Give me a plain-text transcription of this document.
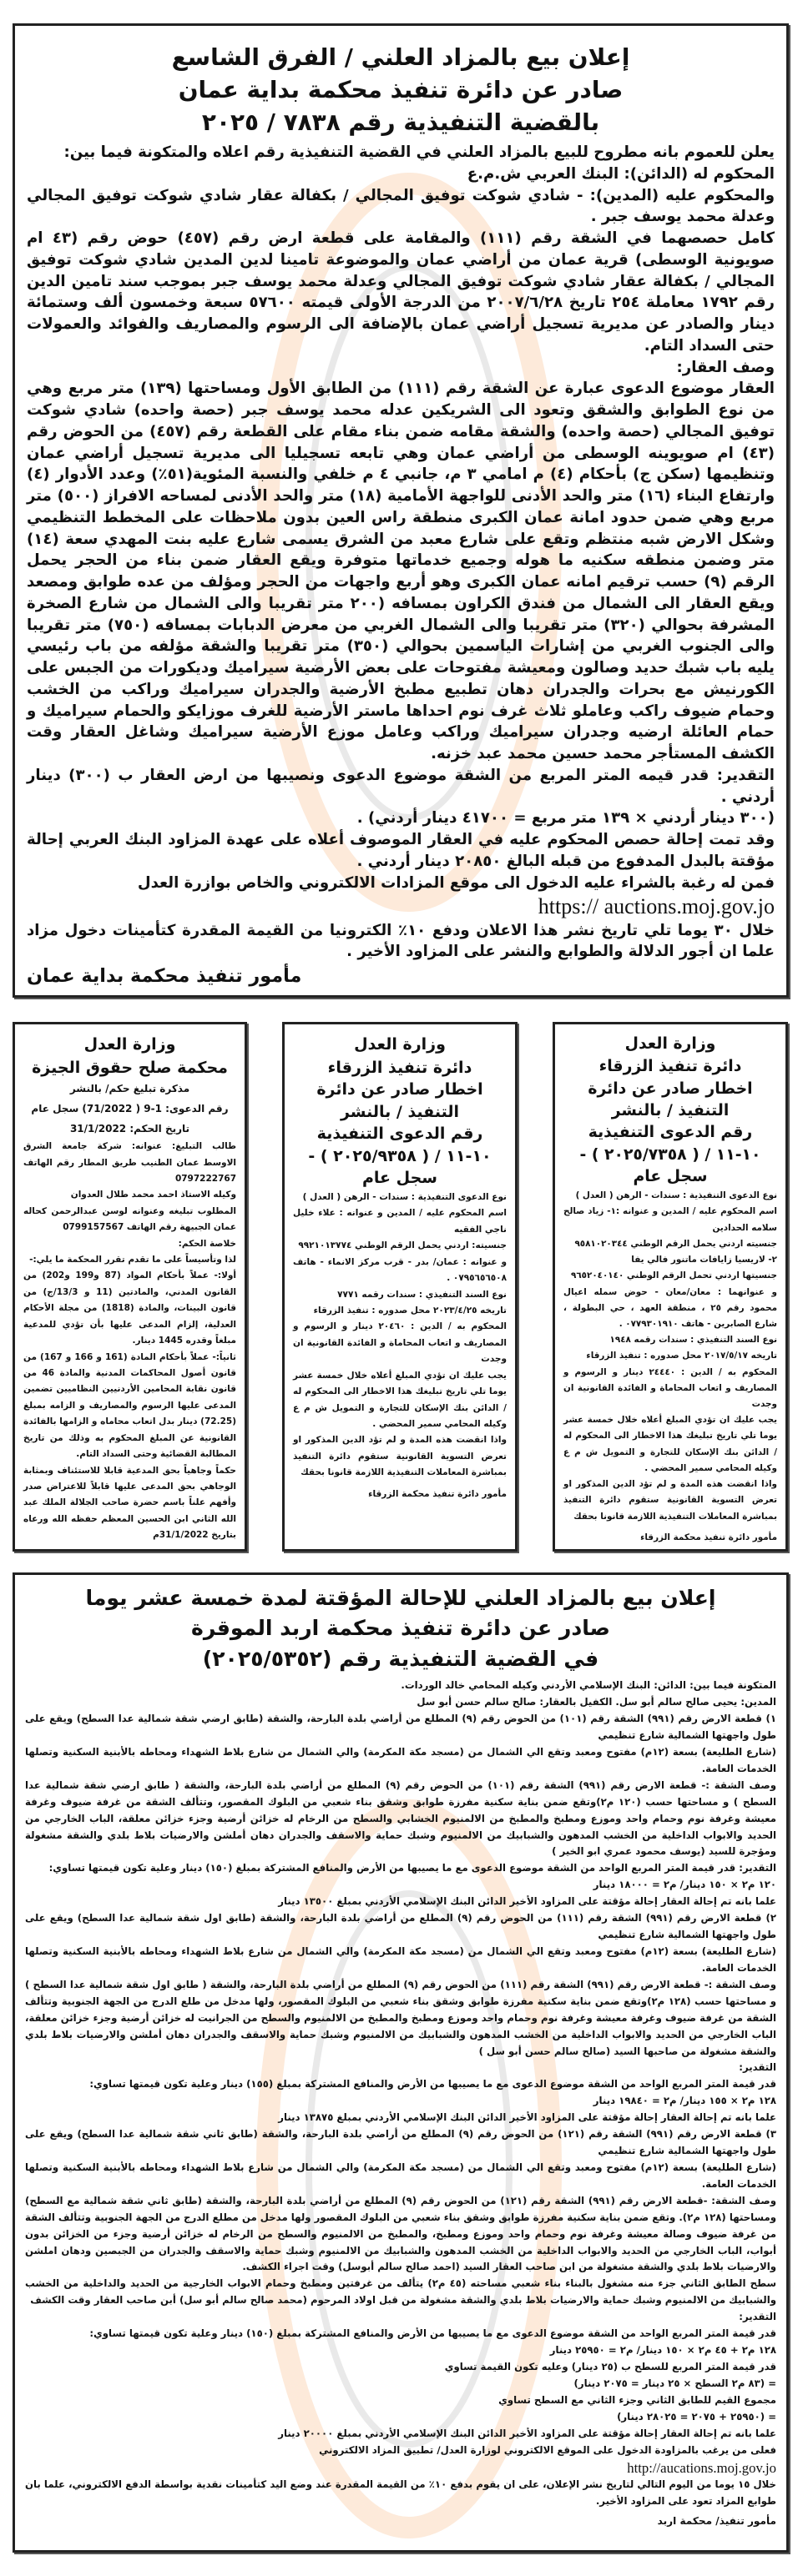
إعلان بيع بالمزاد العلني / الفرق الشاسع
صادر عن دائرة تنفيذ محكمة بداية عمان
بالقضية التنفيذية رقم ٧٨٣٨ / ٢٠٢٥

يعلن للعموم بانه مطروح للبيع بالمزاد العلني في القضية التنفيذية رقم اعلاه والمتكونة فيما بين:

المحكوم له (الدائن): البنك العربي ش.م.ع

والمحكوم عليه (المدين): - شادي شوكت توفيق المجالي / بكفالة عقار شادي شوكت توفيق المجالي وعدلة محمد يوسف جبر .

كامل حصصهما في الشقة رقم (١١١) والمقامة على قطعة ارض رقم (٤٥٧) حوض رقم (٤٣ ام صويونية الوسطى) قرية عمان من أراضي عمان والموضوعة تامينا لدين المدين شادي شوكت توفيق المجالي / بكفالة عقار شادي شوكت توفيق المجالي وعدلة محمد يوسف جبر بموجب سند تامين الدين رقم ١٧٩٢ معاملة ٢٥٤ تاريخ ٢٠٠٧/٦/٢٨ من الدرجة الأولى قيمته ٥٧٦٠٠ سبعة وخمسون ألف وستمائة دينار والصادر عن مديرية تسجيل أراضي عمان بالإضافة الى الرسوم والمصاريف والفوائد والعمولات حتى السداد التام.

وصف العقار:

العقار موضوع الدعوى عبارة عن الشقة رقم (١١١) من الطابق الأول ومساحتها (١٣٩) متر مربع وهي من نوع الطوابق والشقق وتعود الى الشريكين عدله محمد يوسف جبر (حصة واحده) شادي شوكت توفيق المجالي (حصة واحده) والشقة مقامه ضمن بناء مقام على القطعة رقم (٤٥٧) من الحوض رقم (٤٣) ام صويوينه الوسطى من أراضي عمان وهي تابعه تسجيليا الى مديرية تسجيل أراضي عمان وتنظيمها (سكن ج) بأحكام (٤) م امامي ٣ م، جانبي ٤ م خلفي والنسبة المئوية(٥١٪) وعدد الأدوار (٤) وارتفاع البناء (١٦) متر والحد الأدنى للواجهة الأمامية (١٨) متر والحد الأدنى لمساحه الافراز (٥٠٠) متر مربع وهي ضمن حدود امانة عمان الكبرى منطقة راس العين بدون ملاحظات على المخطط التنظيمي وشكل الارض شبه منتظم وتقع على شارع معبد من الشرق يسمى شارع عليه بنت المهدي سعة (١٤) متر وضمن منطقه سكنيه ما هوله وجميع خدماتها متوفرة ويقع العقار ضمن بناء من الحجر يحمل الرقم (٩) حسب ترقيم امانه عمان الكبرى وهو أربع واجهات من الحجر ومؤلف من عده طوابق ومصعد ويقع العقار الى الشمال من فندق الكراون بمسافه (٢٠٠ متر تقريبا والى الشمال من شارع الصخرة المشرفة بحوالي (٣٢٠) متر تقريبا والى الشمال الغربي من معرض الدبابات بمسافه (٧٥٠) متر تقريبا والى الجنوب الغربي من إشارات الياسمين بحوالي (٣٥٠) متر تقريبا والشقة مؤلفه من باب رئيسي يليه باب شبك حديد وصالون ومعيشة مفتوحات على بعض الأرضية سيراميك وديكورات من الجبس على الكورنيش مع بحرات والجدران دهان تطبيع مطبخ الأرضية والجدران سيراميك وراكب من الخشب وحمام ضيوف راكب وعاملو ثلاث غرف نوم احداها ماستر الأرضية للغرف موزايكو والحمام سيراميك و حمام العائلة ارضيه وجدران سيراميك وراكب وعامل موزع الأرضية سيراميك وشاغل العقار وقت الكشف المستأجر محمد حسين محمد عبد خزنه.

التقدير: قدر قيمه المتر المربع من الشقة موضوع الدعوى ونصيبها من ارض العقار ب (٣٠٠) دينار أردني .

(٣٠٠ دينار أردني × ١٣٩ متر مربع = ٤١٧٠٠ دينار أردني) .

وقد تمت إحالة حصص المحكوم عليه في العقار الموصوف أعلاه على عهدة المزاود البنك العربي إحالة مؤقتة بالبدل المدفوع من قبله البالغ ٢٠٨٥٠ دينار أردني .

فمن له رغبة بالشراء عليه الدخول الى موقع المزادات الالكتروني والخاص بوازرة العدل

https:// auctions.moj.gov.jo

خلال ٣٠ يوما تلي تاريخ نشر هذا الاعلان ودفع ١٠٪ الكترونيا من القيمة المقدرة كتأمينات دخول مزاد علما ان أجور الدلالة والطوابع والنشر على المزاود الأخير .

مأمور تنفيذ محكمة بداية عمان

وزارة العدل

دائرة تنفيذ الزرقاء

اخطار صادر عن دائرة التنفيذ / بالنشر

رقم الدعوى التنفيذية ١٠-١١ / ( ٢٠٢٥/٧٣٥٨ ) - سجل عام

نوع الدعوى التنفيذية : سندات - الرهن ( العدل )

اسم المحكوم عليه / المدين و عنوانه :١- زياد صالح سلامه الحدادين

جنسيته اردني يحمل الرقم الوطني ٩٥٨١٠٢٠٣٤٤

٢- لاريسيا زايافات ماتنور فالي يفا

جنسيتها اردني تحمل الرقم الوطني ٩٦٥٢٠٤٠١٤٠

و عنوانهما : معان/معان - حوض سمله اعيال محمود رقم ٢٥ ، منطقة العهد ، حي البطولة ، شارع الصابرين - هاتف ٠٧٧٩٣٠١٩١٠ .

نوع السند التنفيذي : سندات رقمه ١٩٤٨

تاريخه ٢٠١٧/٥/١٧ محل صدوره : تنفيذ الزرقاء

المحكوم به / الدين : ٢٤٤٤٠ دينار و الرسوم و المصاريف و اتعاب المحاماة و الفائدة القانونية ان وجدت

يجب عليك ان تؤدي المبلغ أعلاه خلال خمسة عشر يوما تلي تاريخ تبليغك هذا الاخطار الى المحكوم له / الدائن بنك الإسكان للتجارة و التمويل ش م ع وكيله المحامي سمير المحضي .

واذا انقضت هذه المدة و لم تؤد الدين المذكور او تعرض التسوية القانونية ستقوم دائرة التنفيذ بمباشرة المعاملات التنفيذية اللازمة قانونا بحقك

مأمور دائرة تنفيذ محكمة الزرقاء

وزارة العدل

دائرة تنفيذ الزرقاء

اخطار صادر عن دائرة التنفيذ / بالنشر

رقم الدعوى التنفيذية ١٠-١١ / ( ٢٠٢٥/٩٣٥٨ ) - سجل عام

نوع الدعوى التنفيذية : سندات - الرهن ( العدل )

اسم المحكوم عليه / المدين و عنوانه : علاء خليل ناجي الفقيه

جنسيته: اردني يحمل الرقم الوطني ٩٩٢١٠١٣٧٧٤

و عنوانه : عمان/ بدر - قرب مركز الانماء - هاتف ٠٧٩٥٦٥٦٥٠٨ .

نوع السند التنفيذي : سندات رقمه ٧٧٧١

تاريخه ٢٠٢٣/٤/٢٥ محل صدوره : تنفيذ الزرقاء

المحكوم به / الدين : ٢٠٤٦٠ دينار و الرسوم و المصاريف و اتعاب المحاماة و الفائدة القانونية ان وجدت

يجب عليك ان تؤدي المبلغ أعلاه خلال خمسة عشر يوما تلي تاريخ تبليغك هذا الاخطار الى المحكوم له / الدائن بنك الإسكان للتجارة و التمويل ش م ع وكيله المحامي سمير المحضي .

واذا انقضت هذه المدة و لم تؤد الدين المذكور او تعرض التسوية القانونية ستقوم دائرة التنفيذ بمباشرة المعاملات التنفيذية اللازمة قانونا بحقك

مأمور دائرة تنفيذ محكمة الزرقاء

وزارة العدل

محكمة صلح حقوق الجيزة

مذكرة تبليغ حكم/ بالنشر

رقم الدعوى: 1-9 ( 71/2022) سجل عام

تاريخ الحكم: 31/1/2022

طالب التبليغ: عنوانه: شركة جامعة الشرق الاوسط عمان الطنيب طريق المطار رقم الهاتف 0797222767

وكيله الاستاذ احمد محمد طلال العدوان

المطلوب تبليغه وعنوانه لوسن عبدالرحمن كحاله عمان الجبيهة رقم الهاتف 0799157567

خلاصة الحكم:

لذا وتأسيساً على ما تقدم تقرر المحكمة ما يلي:-

أولا:- عملاً بأحكام المواد (87 و199 و202) من القانون المدني، والمادتين (11 و 13/3/ج) من قانون البينات، والمادة (1818) من مجلة الأحكام العدلية، إلزام المدعى عليها بأن تؤدي للمدعية مبلغاً وقدره 1445 دينار.

ثانياً:- عملاً بأحكام المادة (161 و 166 و 167) من قانون أصول المحاكمات المدنية والمادة 46 من قانون نقابة المحامين الأردنيين النظاميين تضمين المدعى عليها الرسوم والمصاريف و الزامه بمبلغ (72.25) دينار بدل اتعاب محاماه و الزامها بالفائدة القانونية عن المبلغ المحكوم به وذلك من تاريخ المطالبة القضائية وحتى السداد التام.

حكماً وجاهياً بحق المدعية قابلا للاستئناف وبمثابة الوجاهي بحق المدعى عليها قابلاً للاعتراض صدر وأفهم علناً باسم حضرة صاحب الجلالة الملك عبد الله الثاني ابن الحسين المعظم حفظه الله ورعاه بتاريخ 31/1/2022م

إعلان بيع بالمزاد العلني للإحالة المؤقتة لمدة خمسة عشر يوما
صادر عن دائرة تنفيذ محكمة اربد الموقرة
في القضية التنفيذية رقم (٢٠٢٥/٥٣٥٢)

المتكونة فيما بين: الدائن: البنك الإسلامي الأردني وكيله المحامي خالد الوردات.

المدين: يحيى صالح سالم أبو سل. الكفيل بالعقار: صالح سالم حسن أبو سل

١) قطعة الارض رقم (٩٩١) الشقة رقم (١٠١) من الحوض رقم (٩) المطلع من أراضي بلدة البارحة، والشقة (طابق ارضي شقة شمالية عدا السطح) ويقع على طول واجهتها الشمالية شارع تنظيمي

(شارع الطليعة) بسعة (١٢م) مفتوح ومعبد وتقع الي الشمال من (مسجد مكة المكرمة) والي الشمال من شارع بلاط الشهداء ومحاطه بالأبنية السكنية وتصلها الخدمات العامة.

وصف الشقة :- قطعة الارض رقم (٩٩١) الشقة رقم (١٠١) من الحوض رقم (٩) المطلع من أراضي بلدة البارحة، والشقة ( طابق ارضي شقة شمالية عدا السطح ) و مساحتها حسب (١٢٠ م٢)وتقع ضمن بناية سكنية مفرزة طوابق وشقق بناء شعبي من البلوك المقصور، وتتألف الشقة من غرفة ضيوف وغرفة معيشة وغرفة نوم وحمام واحد وموزع ومطبخ والمطبخ من الالمنيوم الخشابي والسطح من الرخام له خزائن أرضية وجزء خزائن معلقة، الباب الخارجي من الحديد والابواب الداخلية من الخشب المدهون والشبابيك من الالمنيوم وشبك حماية والاسقف والجدران دهان أملشن والارضيات بلاط بلدي والشقة مشغولة ومؤجرة للسيد (يوسف محمود عمري ابو الخير )

التقدير: قدر قيمة المتر المربع الواحد من الشقة موضوع الدعوى مع ما يصيبها من الأرض والمنافع المشتركة بمبلغ (١٥٠) دينار وعلية تكون قيمتها تساوي:

١٢٠ م٢ × ١٥٠ دينار/ م٢ = ١٨٠٠٠ دينار

علما بانه تم إحالة العقار إحالة مؤقتة على المزاود الأخير الدائن البنك الإسلامي الأردني بمبلغ ١٣٥٠٠ دينار

٢) قطعة الارض رقم (٩٩١) الشقة رقم (١١١) من الحوض رقم (٩) المطلع من أراضي بلدة البارحة، والشقة (طابق اول شقة شمالية عدا السطح) ويقع على طول واجهتها الشمالية شارع تنظيمي

(شارع الطليعة) بسعة (١٢م) مفتوح ومعبد وتقع الي الشمال من (مسجد مكة المكرمة) والي الشمال من شارع بلاط الشهداء ومحاطه بالأبنية السكنية وتصلها الخدمات العامة.

وصف الشقة :- قطعة الارض رقم (٩٩١) الشقة رقم (١١١) من الحوض رقم (٩) المطلع من أراضي بلدة البارحة، والشقة ( طابق اول شقة شمالية عدا السطح ) و مساحتها حسب (١٢٨ م٢)وتقع ضمن بناية سكنية مفرزة طوابق وشقق بناء شعبي من البلوك المقصور، ولها مدخل من طلع الدرج من الجهة الجنوبية وتتألف الشقة من غرفة ضيوف وغرفة معيشة وغرفة نوم وحمام واحد وموزع ومطبخ والمطبخ من الالمنيوم والسطح من الجرانيت له خزائن أرضية وجزء خزائن معلقة، الباب الخارجي من الحديد والابواب الداخلية من الخشب المدهون والشبابيك من الالمنيوم وشبك حماية والاسقف والجدران دهان أملشن والارضيات بلاط بلدي والشقة مشغولة من صاحبها السيد (صالح سالم حسن أبو سل )

التقدير:

قدر قيمة المتر المربع الواحد من الشقة موضوع الدعوى مع ما يصيبها من الأرض والمنافع المشتركة بمبلغ (١٥٥) دينار وعلية تكون قيمتها تساوي:

١٢٨ م٢ × ١٥٥ دينار/ م٢ = ١٩٨٤٠ دينار

علما بانه تم إحالة العقار إحالة مؤقتة على المزاود الأخير الدائن البنك الإسلامي الأردني بمبلغ ١٣٨٧٥ دينار

٣) قطعة الارض رقم (٩٩١) الشقة رقم (١٢١) من الحوض رقم (٩) المطلع من أراضي بلدة البارحة، والشقة (طابق ثاني شقة شمالية عدا السطح) ويقع على طول واجهتها الشمالية شارع تنظيمي

(شارع الطليعة) بسعة (١٢م) مفتوح ومعبد وتقع الي الشمال من (مسجد مكة المكرمة) والي الشمال من شارع بلاط الشهداء ومحاطه بالأبنية السكنية وتصلها الخدمات العامة.

وصف الشقة: -قطعة الارض رقم (٩٩١) الشقة رقم (١٢١) من الحوض رقم (٩) المطلع من أراضي بلدة البارحة، والشقة (طابق ثاني شقة شمالية مع السطح) ومساحتها (١٢٨ م٢). وتقع ضمن بناية سكنية مفرزة طوابق وشقق بناء شعبي من البلوك المقصور ولها مدخل من مطلع الدرج من الجهة الجنوبية وتتألف الشقة من غرفة ضيوف وصالة معيشة وغرفة نوم وحمام واحد وموزع ومطبخ، والمطبخ من الالمنيوم والسطح من الرخام له خزائن أرضية وجزء من الخزائن بدون أبواب، الباب الخارجي من الحديد والابواب الداخلية من الخشب المدهون والشبابيك من الالمنيوم وشبك حماية والاسقف والجدران من الجبصين ودهان املشن والارضيات بلاط بلدي والشقة مشغولة من ابن صاحب العقار السيد (احمد صالح سالم أبوسل) وقت اجراء الكشف.

سطح الطابق الثاني جزء منه مشغول بالبناء بناء شعبي مساحته (٤٥ م٢) يتألف من غرفتين ومطبخ وحمام الابواب الخارجية من الحديد والداخلية من الخشب والشبابيك من الالمنيوم وشبك حماية والارضيات بلاط بلدي والشقة مشغولة من قبل اولاد المرحوم (محمد صالح سالم أبو سل) أبن صاحب العقار وقت الكشف

التقدير:

قدر قيمة المتر المربع الواحد من الشقة موضوع الدعوى مع ما يصيبها من الأرض والمنافع المشتركة بمبلغ (١٥٠) دينار وعلية تكون قيمتها تساوي:

١٢٨ م٢ + ٤٥ م٢ × ١٥٠ دينار/ م٢ = ٢٥٩٥٠ دينار

قدر قيمة المتر المربع للسطح ب (٢٥ دينار) وعليه تكون القيمة تساوي

= (٨٣ م٢ السطح × ٢٥ دينار = ٢٠٧٥ دينار)

مجموع القيم للطابق الثاني وجزء الثاني مع السطح تساوي

= (٢٥٩٥٠ + ٢٠٧٥ = ٢٨٠٢٥ دينار)

علما بانه تم إحالة العقار إحالة مؤقتة على المزاود الأخير الدائن البنك الإسلامي الأردني بمبلغ ٢٠٠٠٠ دينار

فعلى من يرغب بالمزاودة الدخول على الموقع الالكتروني لوزارة العدل/ تطبيق المزاد الالكتروني

http://aucations.moj.gov.jo

خلال ١٥ يوما من اليوم التالي لتاريخ نشر الإعلان، على ان يقوم بدفع ١٠٪ من القيمة المقدرة عند وضع اليد كتأمينات نقدية بواسطة الدفع الالكتروني، علما بان طوابع المزاد تعود على المزاود الأخير.

مأمور تنفيذ/ محكمة اربد
